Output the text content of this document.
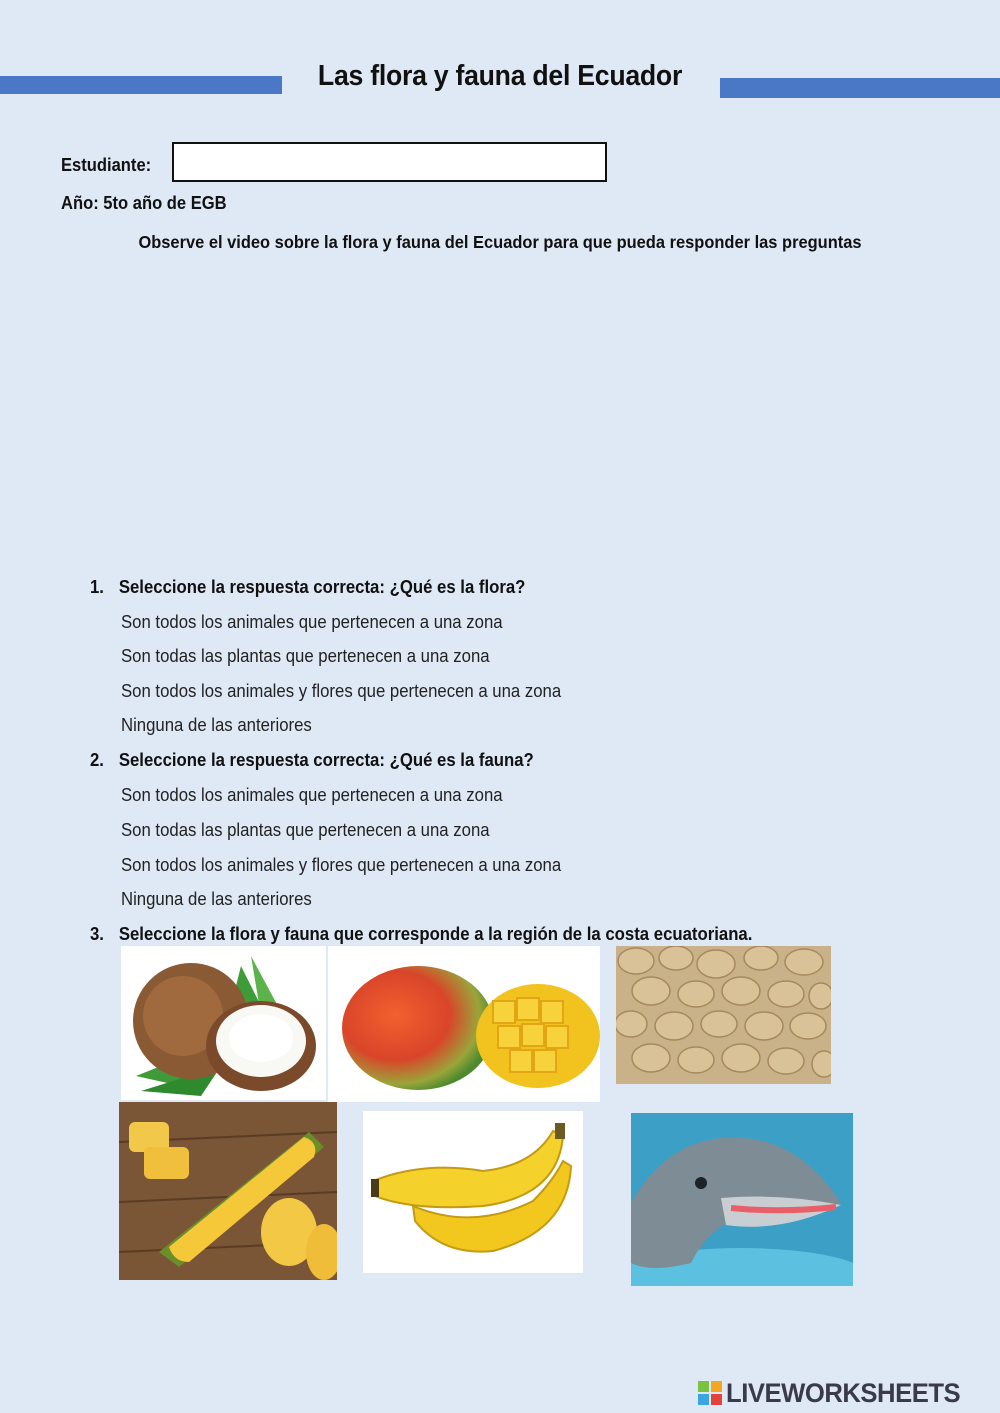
Las flora y fauna del Ecuador
Estudiante:
Año: 5to año de EGB
Observe el video sobre la flora y fauna del Ecuador para que pueda responder las preguntas
1. Seleccione la respuesta correcta: ¿Qué es la flora?
Son todos los animales que pertenecen a una zona
Son todas las plantas que pertenecen a una zona
Son todos los animales y flores que pertenecen a una zona
Ninguna de las anteriores
2. Seleccione la respuesta correcta: ¿Qué es la fauna?
Son todos los animales que pertenecen a una zona
Son todas las plantas que pertenecen a una zona
Son todos los animales y flores que pertenecen a una zona
Ninguna de las anteriores
3. Seleccione la flora y fauna que corresponde a la región de la costa ecuatoriana.
LIVEWORKSHEETS
